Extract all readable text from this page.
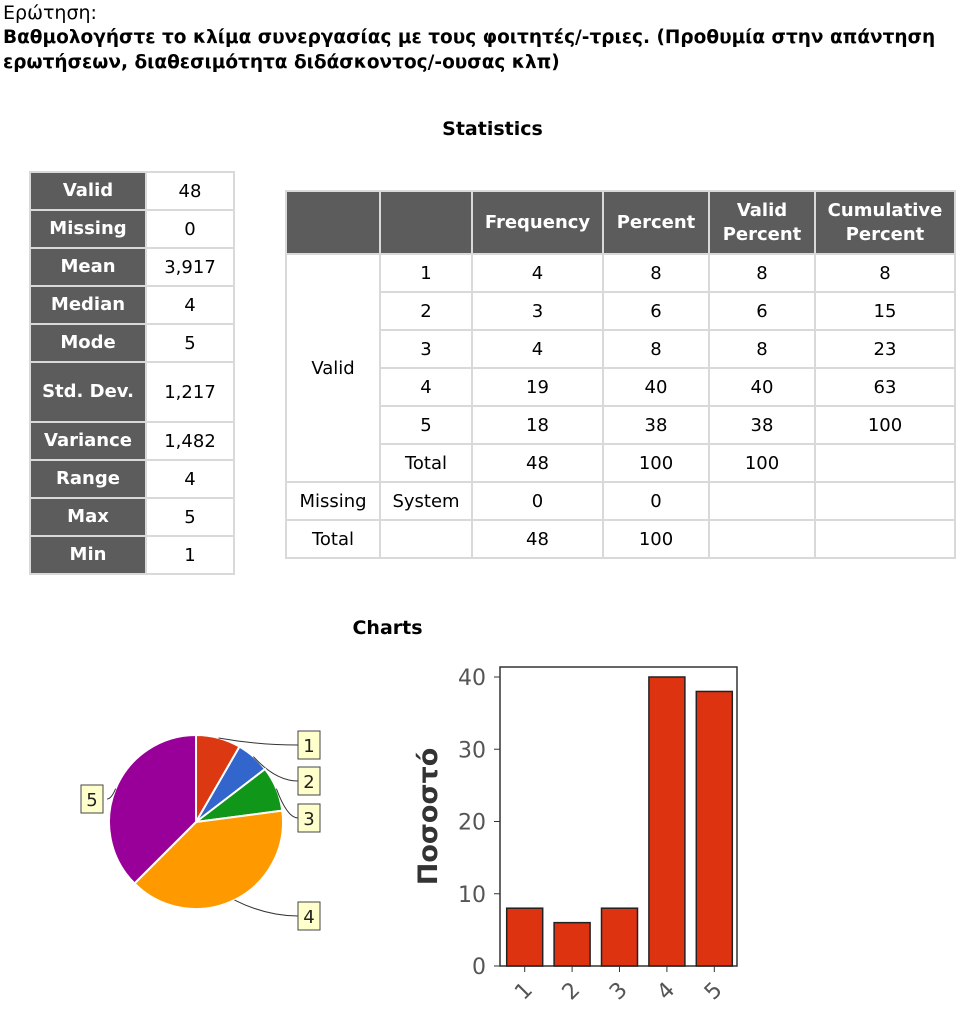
Ερώτηση:
Βαθμολογήστε το κλίμα συνεργασίας με τους φοιτητές/-τριες. (Προθυμία στην απάντηση ερωτήσεων, διαθεσιμότητα διδάσκοντος/-ουσας κλπ)
Statistics
Valid	48
Missing	0
Mean	3,917
Median	4
Mode	5
Std. Dev.	1,217
Variance	1,482
Range	4
Max	5
Min	1
		Frequency	Percent	Valid Percent	Cumulative Percent
Valid	1	4	8	8	8
	2	3	6	6	15
	3	4	8	8	23
	4	19	40	40	63
	5	18	38	38	100
	Total	48	100	100	
Missing	System	0	0		
Total		48	100		
Charts
1
2
3
4
5
0
10
20
30
40
1 2 3 4 5
Ποσοστό
